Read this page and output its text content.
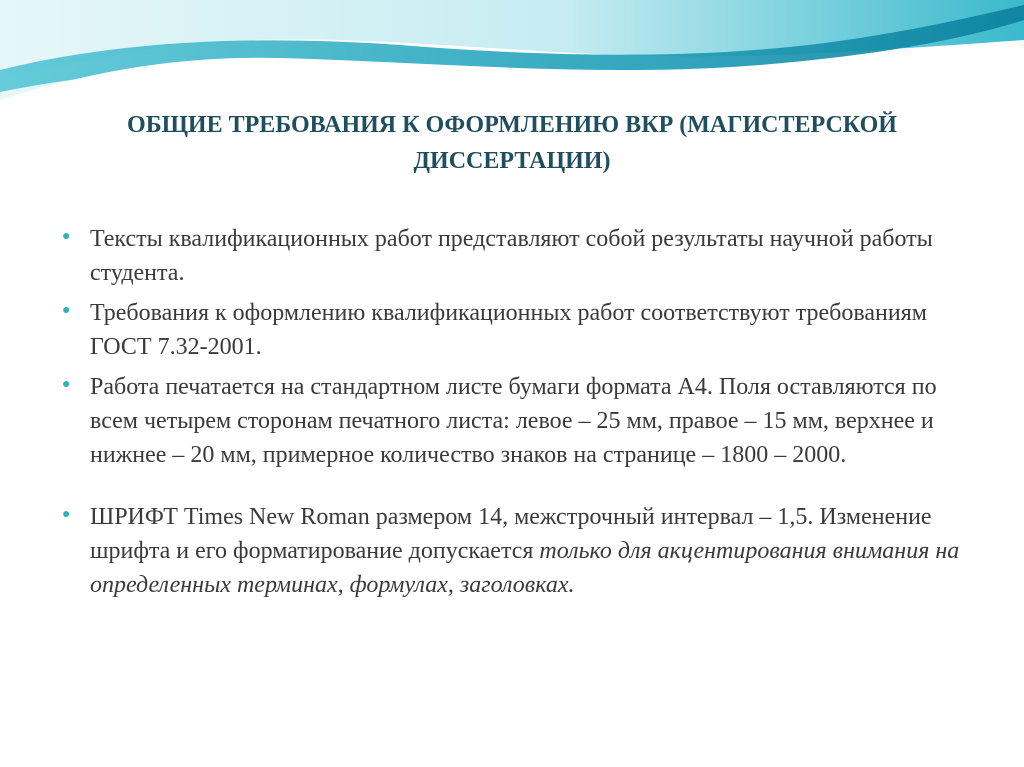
ОБЩИЕ ТРЕБОВАНИЯ К ОФОРМЛЕНИЮ ВКР (МАГИСТЕРСКОЙ ДИССЕРТАЦИИ)
● Тексты квалификационных работ представляют собой результаты научной работы студента.
● Требования к оформлению квалификационных работ соответствуют требованиям ГОСТ 7.32-2001.
● Работа печатается на стандартном листе бумаги формата А4. Поля оставляются по всем четырем сторонам печатного листа: левое – 25 мм, правое – 15 мм, верхнее и нижнее – 20 мм, примерное количество знаков на странице – 1800 – 2000.
● ШРИФТ Times New Roman размером 14, межстрочный интервал – 1,5. Изменение шрифта и его форматирование допускается только для акцентирования внимания на определенных терминах, формулах, заголовках.
